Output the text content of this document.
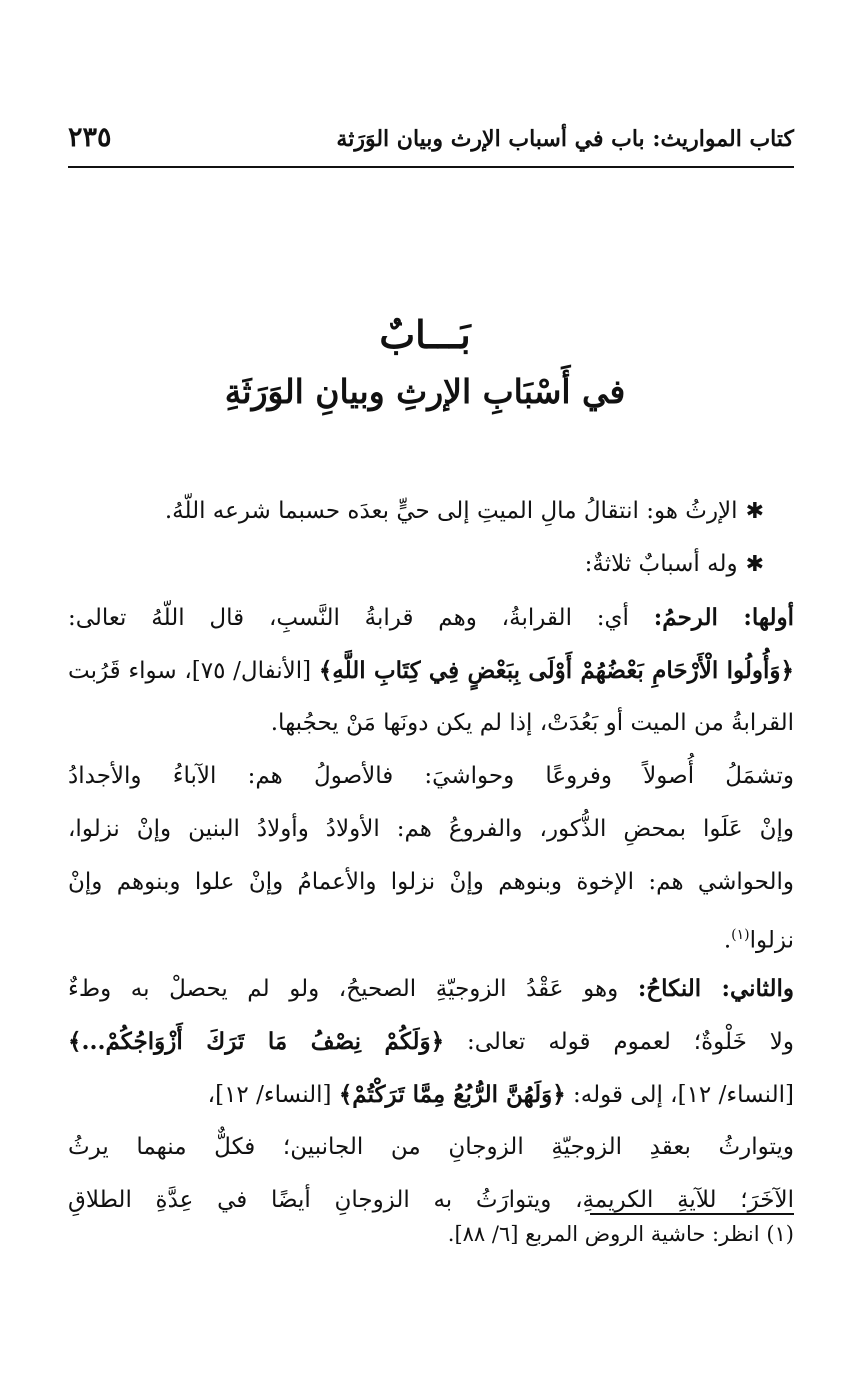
كتاب المواريث: باب في أسباب الإرث وبيان الوَرَثة
٢٣٥
بَـــابٌ
في أَسْبَابِ الإرثِ وبيانِ الوَرَثَةِ
✱الإرثُ هو: انتقالُ مالِ الميتِ إلى حيٍّ بعدَه حسبما شرعه اللّهُ.
✱وله أسبابٌ ثلاثةٌ:
أولها: الرحمُ: أي: القرابةُ، وهم قرابةُ النَّسبِ، قال اللّهُ تعالى:
﴿وَأُولُوا الْأَرْحَامِ بَعْضُهُمْ أَوْلَى بِبَعْضٍ فِي كِتَابِ اللَّهِ﴾ [الأنفال/ ٧٥]، سواء قَرُبت
القرابةُ من الميت أو بَعُدَتْ، إذا لم يكن دونَها مَنْ يحجُبها.
وتشمَلُ أُصولاً وفروعًا وحواشيَ: فالأصولُ هم: الآباءُ والأجدادُ
وإنْ عَلَوا بمحضِ الذُّكور، والفروعُ هم: الأولادُ وأولادُ البنين وإنْ نزلوا،
والحواشي هم: الإخوة وبنوهم وإنْ نزلوا والأعمامُ وإنْ علوا وبنوهم وإنْ
نزلوا$^{(١)}$.
والثاني: النكاحُ: وهو عَقْدُ الزوجيّةِ الصحيحُ، ولو لم يحصلْ به وطءٌ
ولا خَلْوةٌ؛ لعموم قوله تعالى: ﴿وَلَكُمْ نِصْفُ مَا تَرَكَ أَزْوَاجُكُمْ...﴾
[النساء/ ١٢]، إلى قوله: ﴿وَلَهُنَّ الرُّبُعُ مِمَّا تَرَكْتُمْ﴾ [النساء/ ١٢]،
ويتوارثُ بعقدِ الزوجيّةِ الزوجانِ من الجانبين؛ فكلٌّ منهما يرثُ
الآخَرَ؛ للآيةِ الكريمةِ، ويتوارَثُ به الزوجانِ أيضًا في عِدَّةِ الطلاقِ
(١) انظر: حاشية الروض المربع [٦/ ٨٨].
